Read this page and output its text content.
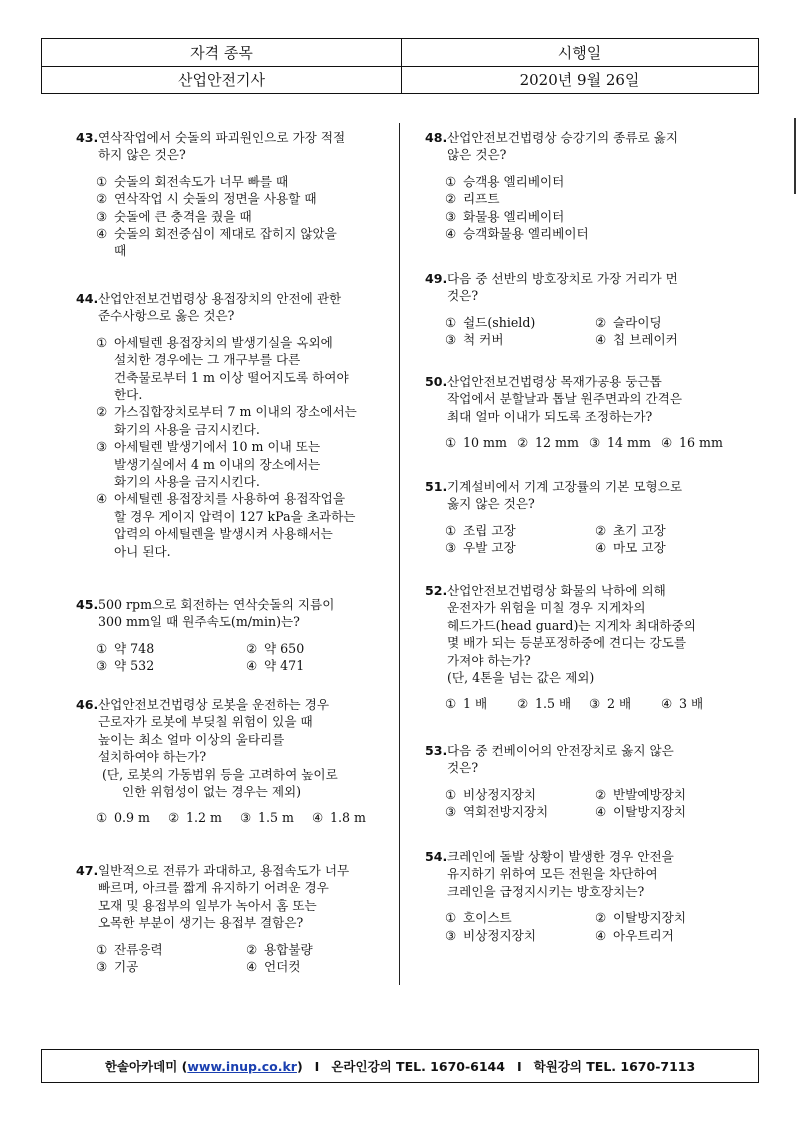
자격 종목	시행일
산업안전기사	2020년 9월 26일
43. 연삭작업에서 숫돌의 파괴원인으로 가장 적절
하지 않은 것은?
① 숫돌의 회전속도가 너무 빠를 때
② 연삭작업 시 숫돌의 정면을 사용할 때
③ 숫돌에 큰 충격을 줬을 때
④ 숫돌의 회전중심이 제대로 잡히지 않았을
때
44. 산업안전보건법령상 용접장치의 안전에 관한
준수사항으로 옳은 것은?
① 아세틸렌 용접장치의 발생기실을 옥외에
설치한 경우에는 그 개구부를 다른
건축물로부터 1 m 이상 떨어지도록 하여야
한다.
② 가스집합장치로부터 7 m 이내의 장소에서는
화기의 사용을 금지시킨다.
③ 아세틸렌 발생기에서 10 m 이내 또는
발생기실에서 4 m 이내의 장소에서는
화기의 사용을 금지시킨다.
④ 아세틸렌 용접장치를 사용하여 용접작업을
할 경우 게이지 압력이 127 kPa을 초과하는
압력의 아세틸렌을 발생시켜 사용해서는
아니 된다.
45. 500 rpm으로 회전하는 연삭숫돌의 지름이
300 mm일 때 원주속도(m/min)는?
① 약 748	② 약 650
③ 약 532	④ 약 471
46. 산업안전보건법령상 로봇을 운전하는 경우
근로자가 로봇에 부딪칠 위험이 있을 때
높이는 최소 얼마 이상의 울타리를
설치하여야 하는가?
(단, 로봇의 가동범위 등을 고려하여 높이로
인한 위험성이 없는 경우는 제외)
① 0.9 m	② 1.2 m	③ 1.5 m	④ 1.8 m
47. 일반적으로 전류가 과대하고, 용접속도가 너무
빠르며, 아크를 짧게 유지하기 어려운 경우
모재 및 용접부의 일부가 녹아서 홈 또는
오목한 부분이 생기는 용접부 결함은?
① 잔류응력	② 용합불량
③ 기공	④ 언더컷
48. 산업안전보건법령상 승강기의 종류로 옳지
않은 것은?
① 승객용 엘리베이터
② 리프트
③ 화물용 엘리베이터
④ 승객화물용 엘리베이터
49. 다음 중 선반의 방호장치로 가장 거리가 먼
것은?
① 쉴드(shield)	② 슬라이딩
③ 척 커버	④ 칩 브레이커
50. 산업안전보건법령상 목재가공용 둥근톱
작업에서 분할날과 톱날 원주면과의 간격은
최대 얼마 이내가 되도록 조정하는가?
① 10 mm ② 12 mm ③ 14 mm ④ 16 mm
51. 기계설비에서 기계 고장률의 기본 모형으로
옳지 않은 것은?
① 조립 고장	② 초기 고장
③ 우발 고장	④ 마모 고장
52. 산업안전보건법령상 화물의 낙하에 의해
운전자가 위험을 미칠 경우 지게차의
헤드가드(head guard)는 지게차 최대하중의
몇 배가 되는 등분포정하중에 견디는 강도를
가져야 하는가?
(단, 4톤을 넘는 값은 제외)
① 1 배	② 1.5 배	③ 2 배	④ 3 배
53. 다음 중 컨베이어의 안전장치로 옳지 않은
것은?
① 비상정지장치	② 반발예방장치
③ 역회전방지장치	④ 이탈방지장치
54. 크레인에 돌발 상황이 발생한 경우 안전을
유지하기 위하여 모든 전원을 차단하여
크레인을 급정지시키는 방호장치는?
① 호이스트	② 이탈방지장치
③ 비상정지장치	④ 아우트리거
한솔아카데미 ( www.inup.co.kr ) I 온라인강의 TEL. 1670-6144 I 학원강의 TEL. 1670-7113
